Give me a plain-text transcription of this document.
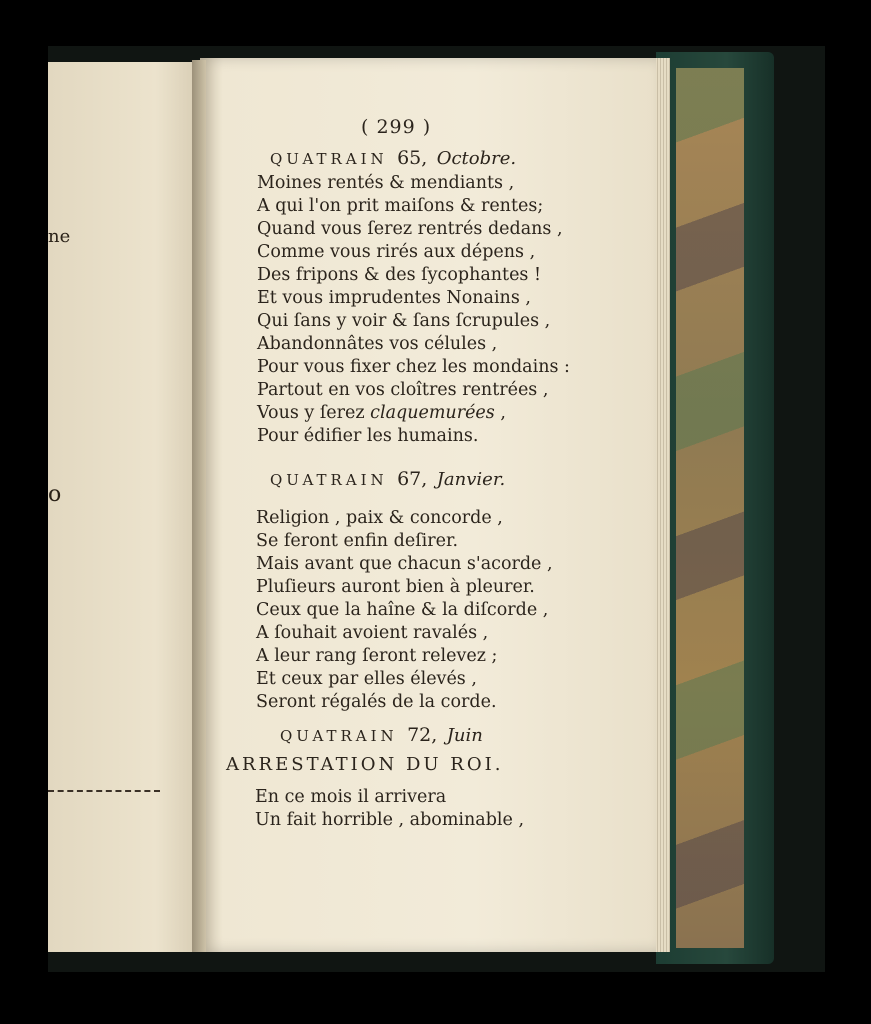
ne
o
( 299 )
QUATRAIN 65, Octobre.
Moines rentés & mendiants ,
A qui l'on prit maiſons & rentes;
Quand vous ſerez rentrés dedans ,
Comme vous rirés aux dépens ,
Des fripons & des ſycophantes !
Et vous imprudentes Nonains ,
Qui ſans y voir & ſans ſcrupules ,
Abandonnâtes vos célules ,
Pour vous fixer chez les mondains :
Partout en vos cloîtres rentrées ,
Vous y ſerez claquemurées ,
Pour édifier les humains.
QUATRAIN 67, Janvier.
Religion , paix & concorde ,
Se feront enfin deſirer.
Mais avant que chacun s'acorde ,
Pluſieurs auront bien à pleurer.
Ceux que la haîne & la diſcorde ,
A ſouhait avoient ravalés ,
A leur rang ſeront relevez ;
Et ceux par elles élevés ,
Seront régalés de la corde.
QUATRAIN 72, Juin
ARRESTATION DU ROI.
En ce mois il arrivera
Un fait horrible , abominable ,
